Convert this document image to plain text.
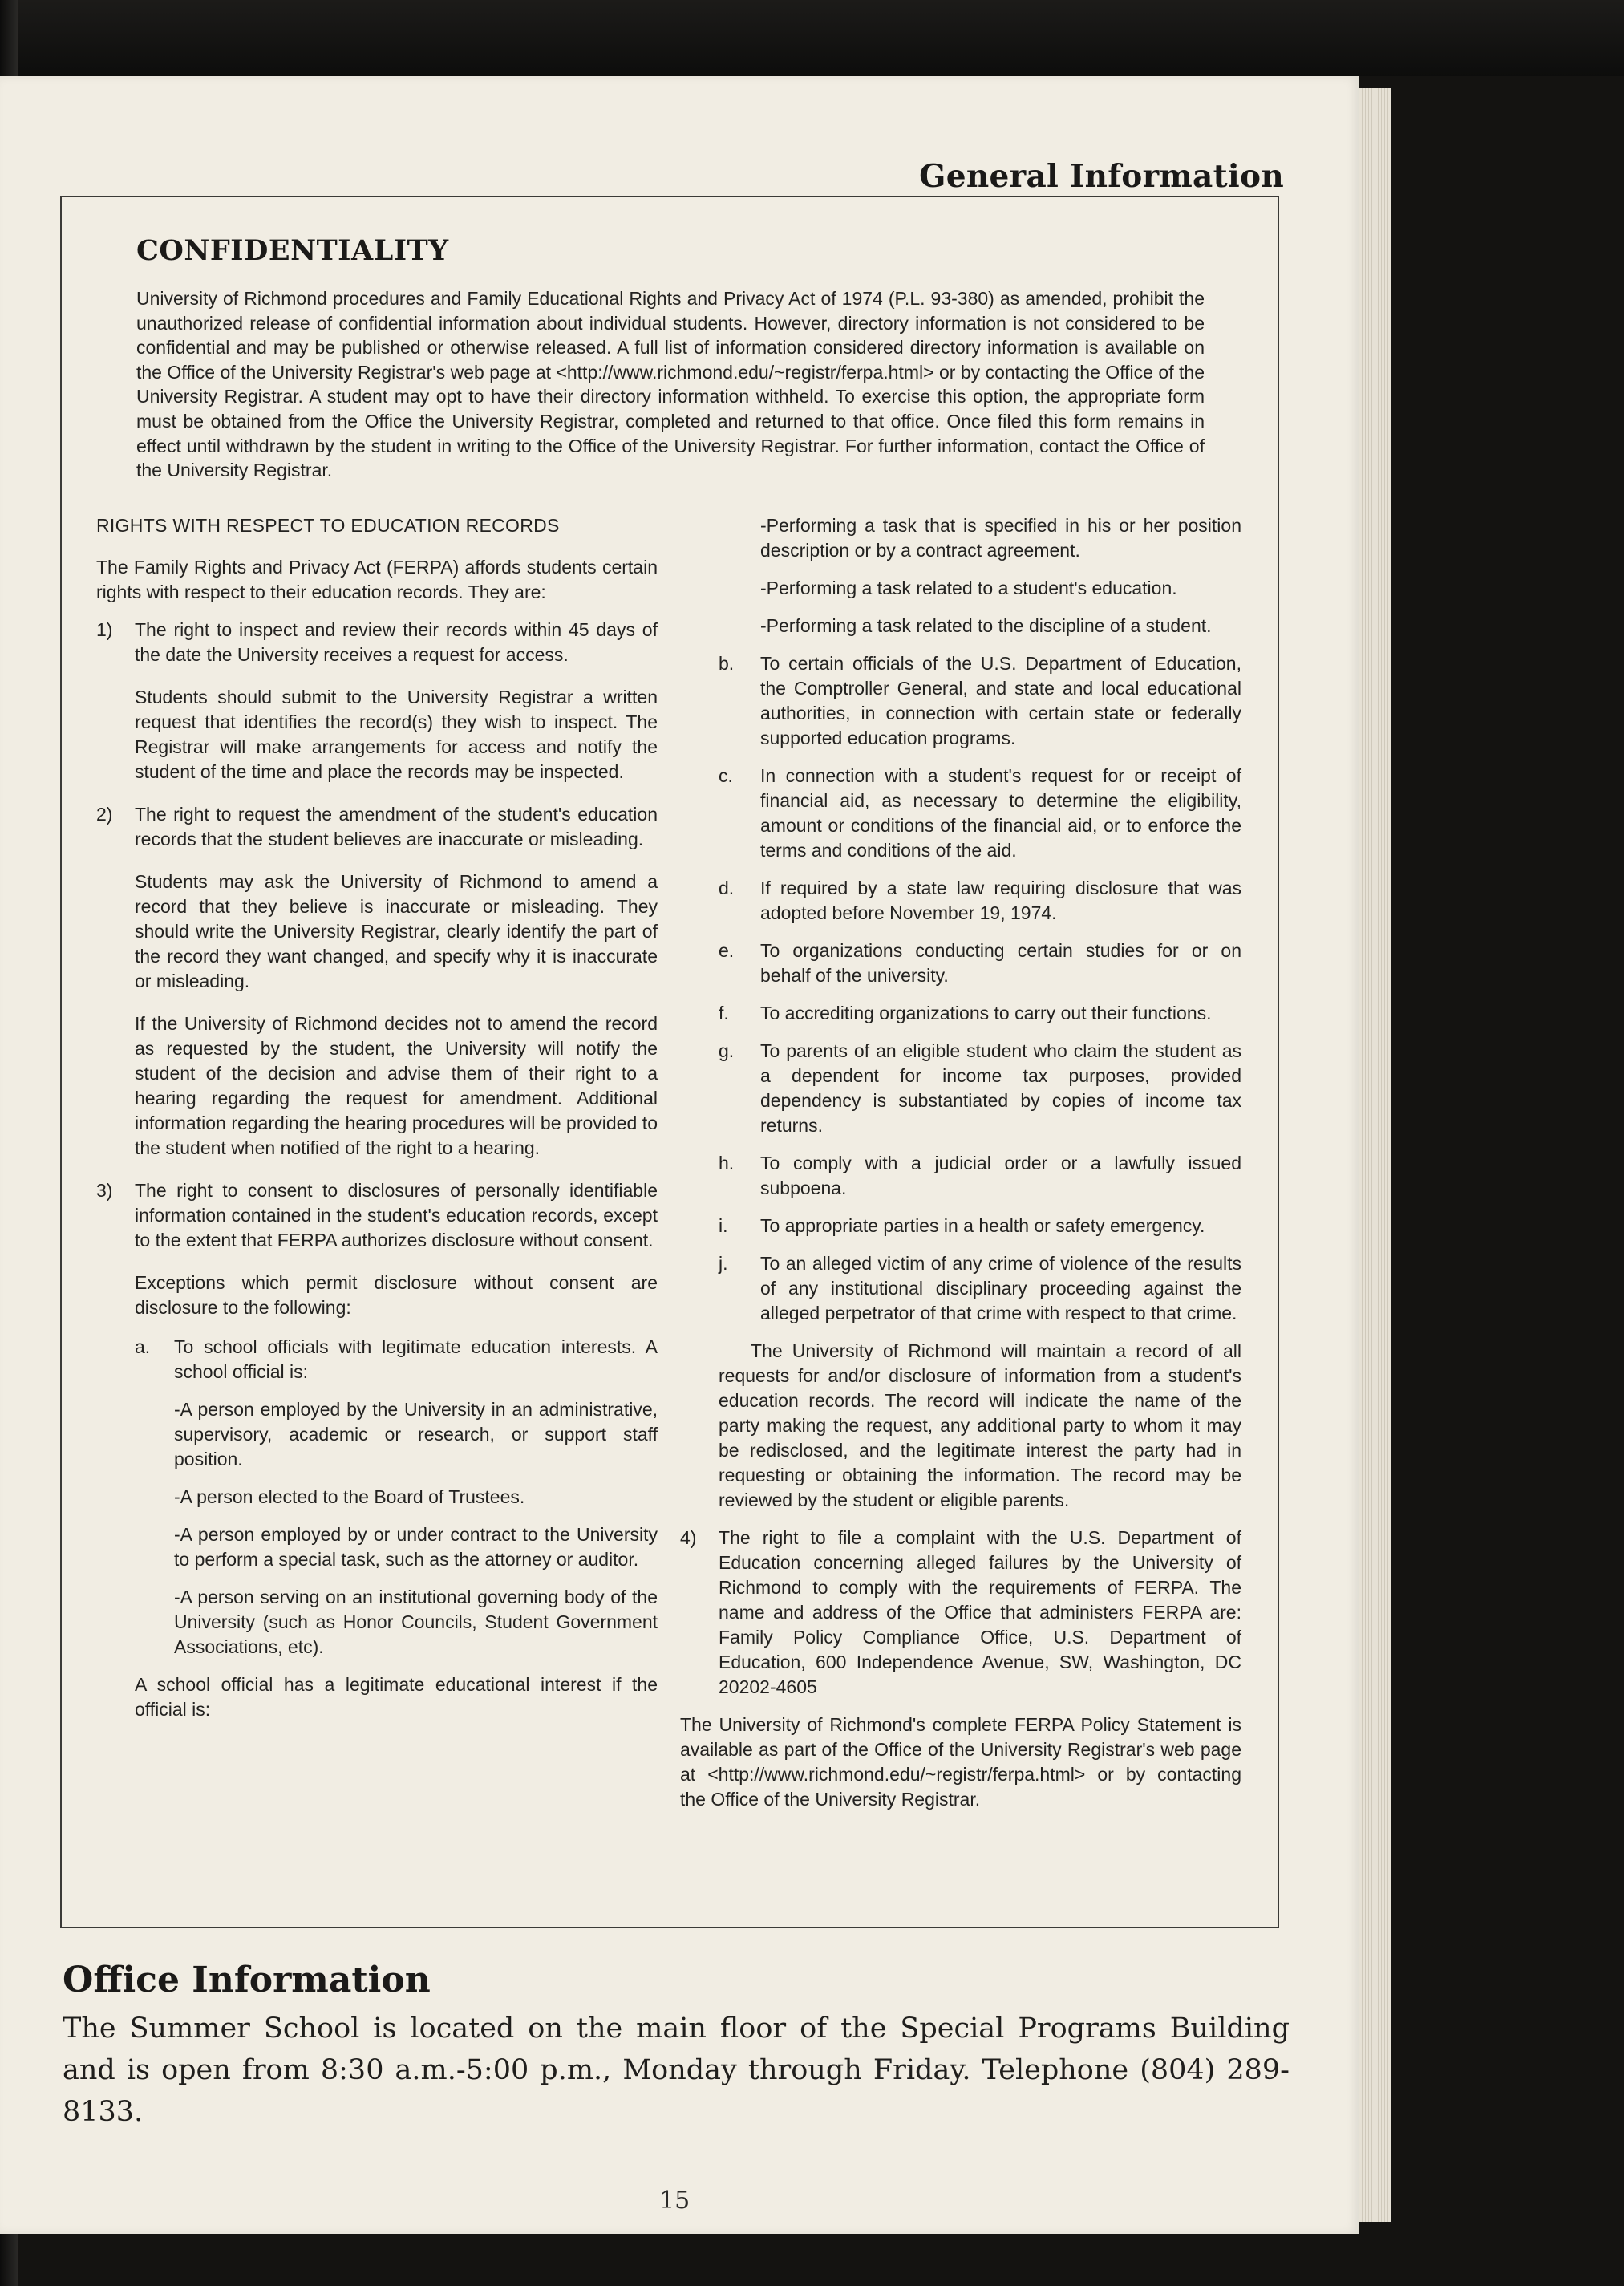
General Information
CONFIDENTIALITY
University of Richmond procedures and Family Educational Rights and Privacy Act of 1974 (P.L. 93-380) as amended, prohibit the unauthorized release of confidential information about individual students. However, directory information is not considered to be confidential and may be published or otherwise released. A full list of information considered directory information is available on the Office of the University Registrar's web page at <http://www.richmond.edu/~registr/ferpa.html> or by contacting the Office of the University Registrar. A student may opt to have their directory information withheld. To exercise this option, the appropriate form must be obtained from the Office the University Registrar, completed and returned to that office. Once filed this form remains in effect until withdrawn by the student in writing to the Office of the University Registrar. For further information, contact the Office of the University Registrar.

RIGHTS WITH RESPECT TO EDUCATION RECORDS

The Family Rights and Privacy Act (FERPA) affords students certain rights with respect to their education records. They are:

1) The right to inspect and review their records within 45 days of the date the University receives a request for access.

Students should submit to the University Registrar a written request that identifies the record(s) they wish to inspect. The Registrar will make arrangements for access and notify the student of the time and place the records may be inspected.

2) The right to request the amendment of the student's education records that the student believes are inaccurate or misleading.

Students may ask the University of Richmond to amend a record that they believe is inaccurate or misleading. They should write the University Registrar, clearly identify the part of the record they want changed, and specify why it is inaccurate or misleading.

If the University of Richmond decides not to amend the record as requested by the student, the University will notify the student of the decision and advise them of their right to a hearing regarding the request for amendment. Additional information regarding the hearing procedures will be provided to the student when notified of the right to a hearing.

3) The right to consent to disclosures of personally identifiable information contained in the student's education records, except to the extent that FERPA authorizes disclosure without consent.

Exceptions which permit disclosure without consent are disclosure to the following:

a. To school officials with legitimate education interests. A school official is:

-A person employed by the University in an administrative, supervisory, academic or research, or support staff position.

-A person elected to the Board of Trustees.

-A person employed by or under contract to the University to perform a special task, such as the attorney or auditor.

-A person serving on an institutional governing body of the University (such as Honor Councils, Student Government Associations, etc).

A school official has a legitimate educational interest if the official is:

-Performing a task that is specified in his or her position description or by a contract agreement.

-Performing a task related to a student's education.

-Performing a task related to the discipline of a student.

b. To certain officials of the U.S. Department of Education, the Comptroller General, and state and local educational authorities, in connection with certain state or federally supported education programs.

c. In connection with a student's request for or receipt of financial aid, as necessary to determine the eligibility, amount or conditions of the financial aid, or to enforce the terms and conditions of the aid.

d. If required by a state law requiring disclosure that was adopted before November 19, 1974.

e. To organizations conducting certain studies for or on behalf of the university.

f. To accrediting organizations to carry out their functions.

g. To parents of an eligible student who claim the student as a dependent for income tax purposes, provided dependency is substantiated by copies of income tax returns.

h. To comply with a judicial order or a lawfully issued subpoena.

i. To appropriate parties in a health or safety emergency.

j. To an alleged victim of any crime of violence of the results of any institutional disciplinary proceeding against the alleged perpetrator of that crime with respect to that crime.

The University of Richmond will maintain a record of all requests for and/or disclosure of information from a student's education records. The record will indicate the name of the party making the request, any additional party to whom it may be redisclosed, and the legitimate interest the party had in requesting or obtaining the information. The record may be reviewed by the student or eligible parents.

4) The right to file a complaint with the U.S. Department of Education concerning alleged failures by the University of Richmond to comply with the requirements of FERPA. The name and address of the Office that administers FERPA are: Family Policy Compliance Office, U.S. Department of Education, 600 Independence Avenue, SW, Washington, DC 20202-4605

The University of Richmond's complete FERPA Policy Statement is available as part of the Office of the University Registrar's web page at <http://www.richmond.edu/~registr/ferpa.html> or by contacting the Office of the University Registrar.

Office Information
The Summer School is located on the main floor of the Special Programs Building and is open from 8:30 a.m.-5:00 p.m., Monday through Friday. Telephone (804) 289-8133.
15
